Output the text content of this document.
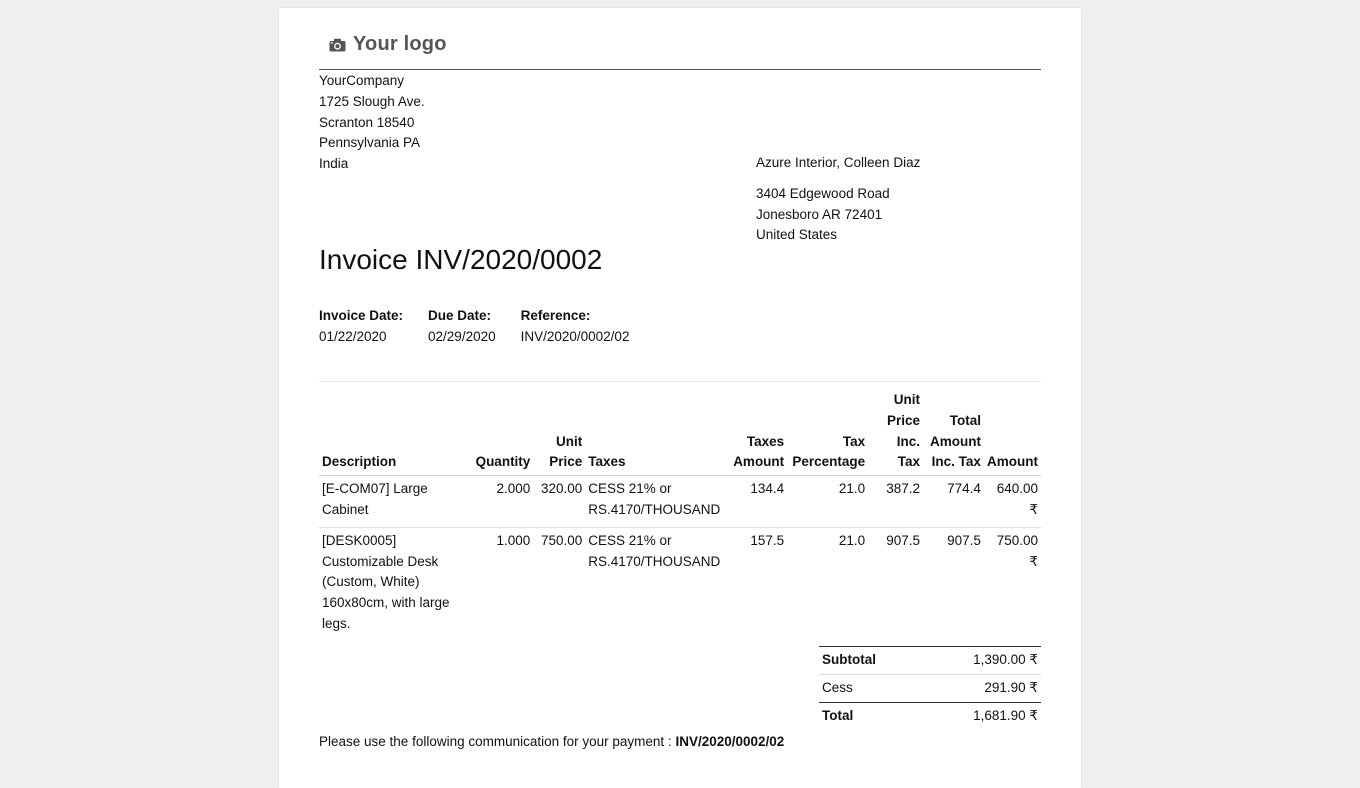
Your logo
YourCompany
1725 Slough Ave.
Scranton 18540
Pennsylvania PA
India	Azure Interior, Colleen Diaz
3404 Edgewood Road
Jonesboro AR 72401
United States
Invoice INV/2020/0002
Invoice Date:
01/22/2020
Due Date:
02/29/2020
Reference:
INV/2020/0002/02
Description	Quantity	Unit Price	Taxes	Taxes Amount	Tax Percentage	Unit Price Inc. Tax	Total Amount Inc. Tax	Amount
[E-COM07] Large Cabinet	2.000	320.00	CESS 21% or RS.4170/THOUSAND	134.4	21.0	387.2	774.4	640.00 ₹
[DESK0005] Customizable Desk (Custom, White) 160x80cm, with large legs.	1.000	750.00	CESS 21% or RS.4170/THOUSAND	157.5	21.0	907.5	907.5	750.00 ₹
Subtotal	1,390.00 ₹
Cess	291.90 ₹
Total	1,681.90 ₹
Please use the following communication for your payment : INV/2020/0002/02
